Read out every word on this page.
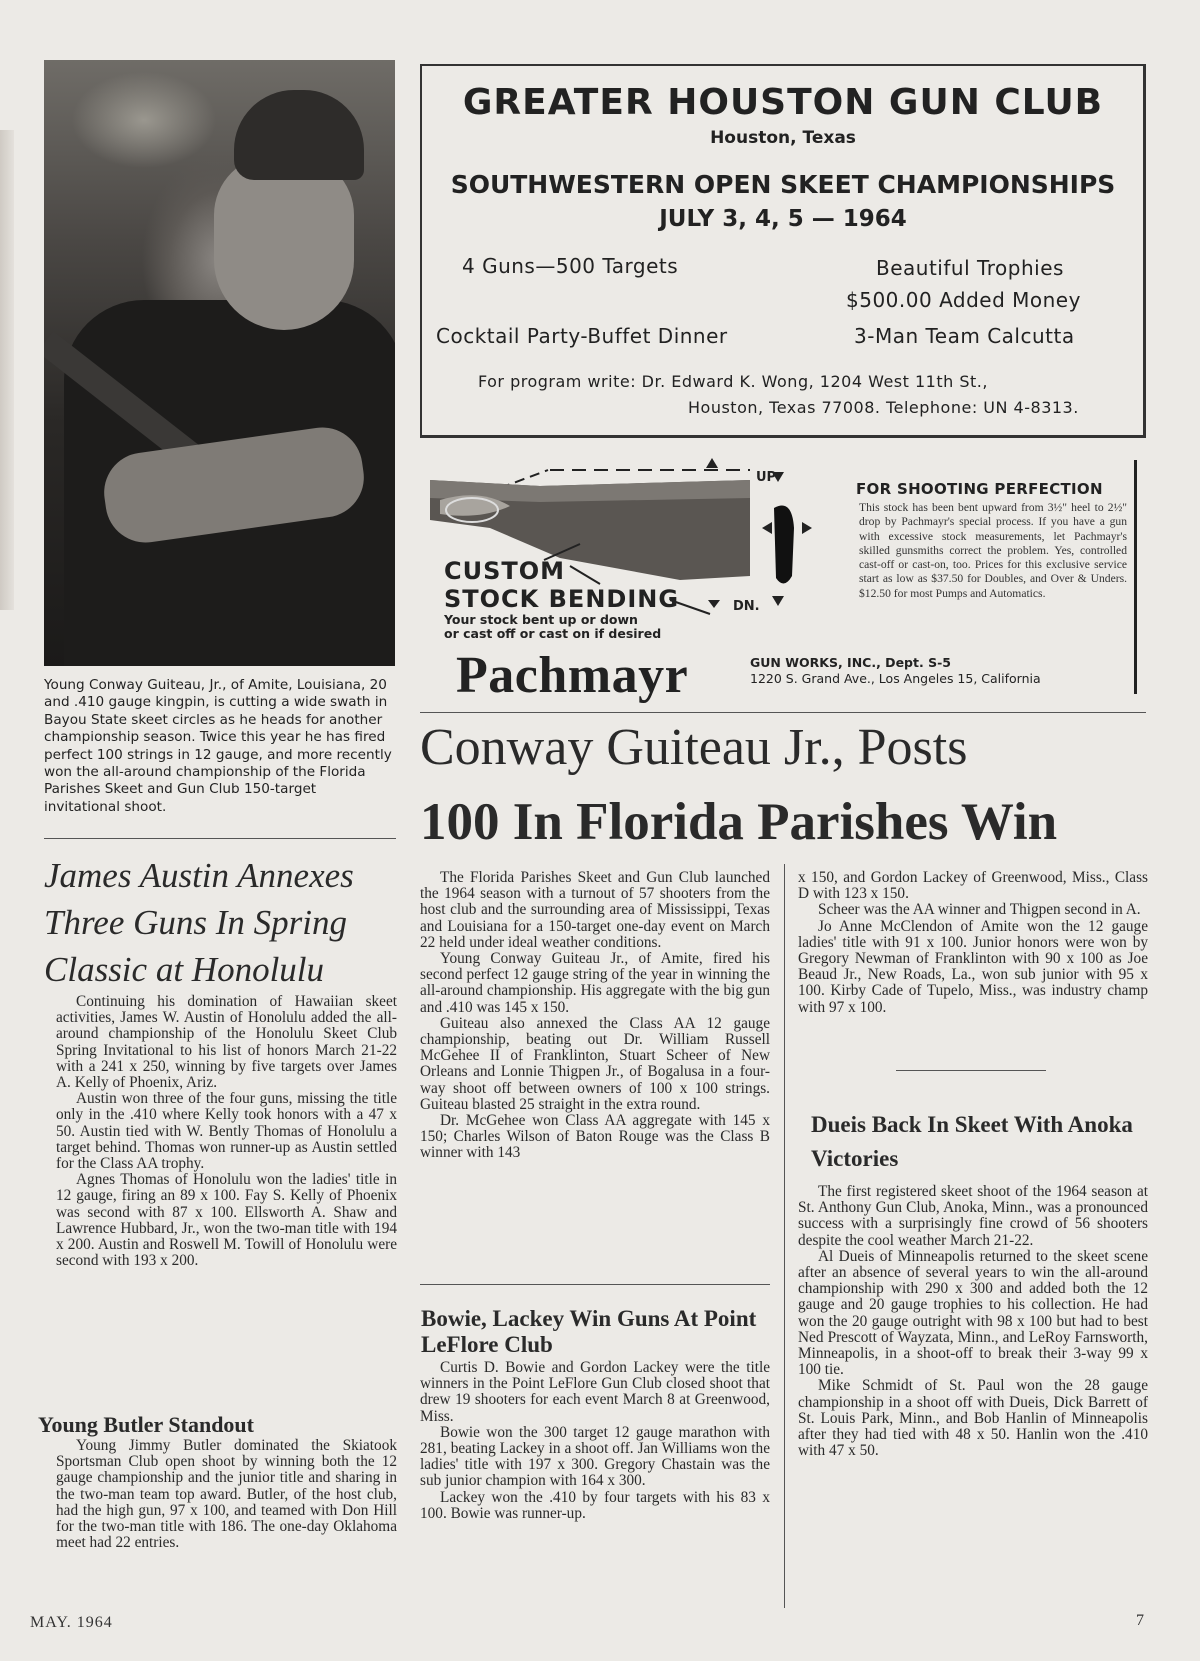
Young Conway Guiteau, Jr., of Amite, Louisiana, 20 and .410 gauge kingpin, is cutting a wide swath in Bayou State skeet circles as he heads for another championship season. Twice this year he has fired perfect 100 strings in 12 gauge, and more recently won the all-around championship of the Florida Parishes Skeet and Gun Club 150-target invitational shoot.
James Austin Annexes Three Guns In Spring Classic at Honolulu

Continuing his domination of Hawaiian skeet activities, James W. Austin of Honolulu added the all-around championship of the Honolulu Skeet Club Spring Invitational to his list of honors March 21-22 with a 241 x 250, winning by five targets over James A. Kelly of Phoenix, Ariz.

Austin won three of the four guns, missing the title only in the .410 where Kelly took honors with a 47 x 50. Austin tied with W. Bently Thomas of Honolulu a target behind. Thomas won runner-up as Austin settled for the Class AA trophy.

Agnes Thomas of Honolulu won the ladies' title in 12 gauge, firing an 89 x 100. Fay S. Kelly of Phoenix was second with 87 x 100. Ellsworth A. Shaw and Lawrence Hubbard, Jr., won the two-man title with 194 x 200. Austin and Roswell M. Towill of Honolulu were second with 193 x 200.

Young Butler Standout

Young Jimmy Butler dominated the Skiatook Sportsman Club open shoot by winning both the 12 gauge championship and the junior title and sharing in the two-man team top award. Butler, of the host club, had the high gun, 97 x 100, and teamed with Don Hill for the two-man title with 186. The one-day Oklahoma meet had 22 entries.

MAY. 1964	7
GREATER HOUSTON GUN CLUB
Houston, Texas
SOUTHWESTERN OPEN SKEET CHAMPIONSHIPS
JULY 3, 4, 5 — 1964
4 Guns—500 Targets	Beautiful Trophies
$500.00 Added Money
Cocktail Party-Buffet Dinner	3-Man Team Calcutta
For program write: Dr. Edward K. Wong, 1204 West 11th St.,
Houston, Texas 77008. Telephone: UN 4-8313.
UP
DN.
CUSTOM
STOCK BENDING
Your stock bent up or down
or cast off or cast on if desired
FOR SHOOTING PERFECTION
This stock has been bent upward from 3½" heel to 2½" drop by Pachmayr's special process. If you have a gun with excessive stock measurements, let Pachmayr's skilled gunsmiths correct the problem. Yes, controlled cast-off or cast-on, too. Prices for this exclusive service start as low as $37.50 for Doubles, and Over & Unders. $12.50 for most Pumps and Automatics.
Pachmayr	GUN WORKS, INC., Dept. S-5
1220 S. Grand Ave., Los Angeles 15, California
Conway Guiteau Jr., Posts
100 In Florida Parishes Win

The Florida Parishes Skeet and Gun Club launched the 1964 season with a turnout of 57 shooters from the host club and the surrounding area of Mississippi, Texas and Louisiana for a 150-target one-day event on March 22 held under ideal weather conditions.

Young Conway Guiteau Jr., of Amite, fired his second perfect 12 gauge string of the year in winning the all-around championship. His aggregate with the big gun and .410 was 145 x 150.

Guiteau also annexed the Class AA 12 gauge championship, beating out Dr. William Russell McGehee II of Franklinton, Stuart Scheer of New Orleans and Lonnie Thigpen Jr., of Bogalusa in a four-way shoot off between owners of 100 x 100 strings. Guiteau blasted 25 straight in the extra round.

Dr. McGehee won Class AA aggregate with 145 x 150; Charles Wilson of Baton Rouge was the Class B winner with 143

Bowie, Lackey Win Guns At Point LeFlore Club

Curtis D. Bowie and Gordon Lackey were the title winners in the Point LeFlore Gun Club closed shoot that drew 19 shooters for each event March 8 at Greenwood, Miss.

Bowie won the 300 target 12 gauge marathon with 281, beating Lackey in a shoot off. Jan Williams won the ladies' title with 197 x 300. Gregory Chastain was the sub junior champion with 164 x 300.

Lackey won the .410 by four targets with his 83 x 100. Bowie was runner-up.

x 150, and Gordon Lackey of Greenwood, Miss., Class D with 123 x 150.

Scheer was the AA winner and Thigpen second in A.

Jo Anne McClendon of Amite won the 12 gauge ladies' title with 91 x 100. Junior honors were won by Gregory Newman of Franklinton with 90 x 100 as Joe Beaud Jr., New Roads, La., won sub junior with 95 x 100. Kirby Cade of Tupelo, Miss., was industry champ with 97 x 100.

Dueis Back In Skeet With Anoka Victories

The first registered skeet shoot of the 1964 season at St. Anthony Gun Club, Anoka, Minn., was a pronounced success with a surprisingly fine crowd of 56 shooters despite the cool weather March 21-22.

Al Dueis of Minneapolis returned to the skeet scene after an absence of several years to win the all-around championship with 290 x 300 and added both the 12 gauge and 20 gauge trophies to his collection. He had won the 20 gauge outright with 98 x 100 but had to best Ned Prescott of Wayzata, Minn., and LeRoy Farnsworth, Minneapolis, in a shoot-off to break their 3-way 99 x 100 tie.

Mike Schmidt of St. Paul won the 28 gauge championship in a shoot off with Dueis, Dick Barrett of St. Louis Park, Minn., and Bob Hanlin of Minneapolis after they had tied with 48 x 50. Hanlin won the .410 with 47 x 50.
